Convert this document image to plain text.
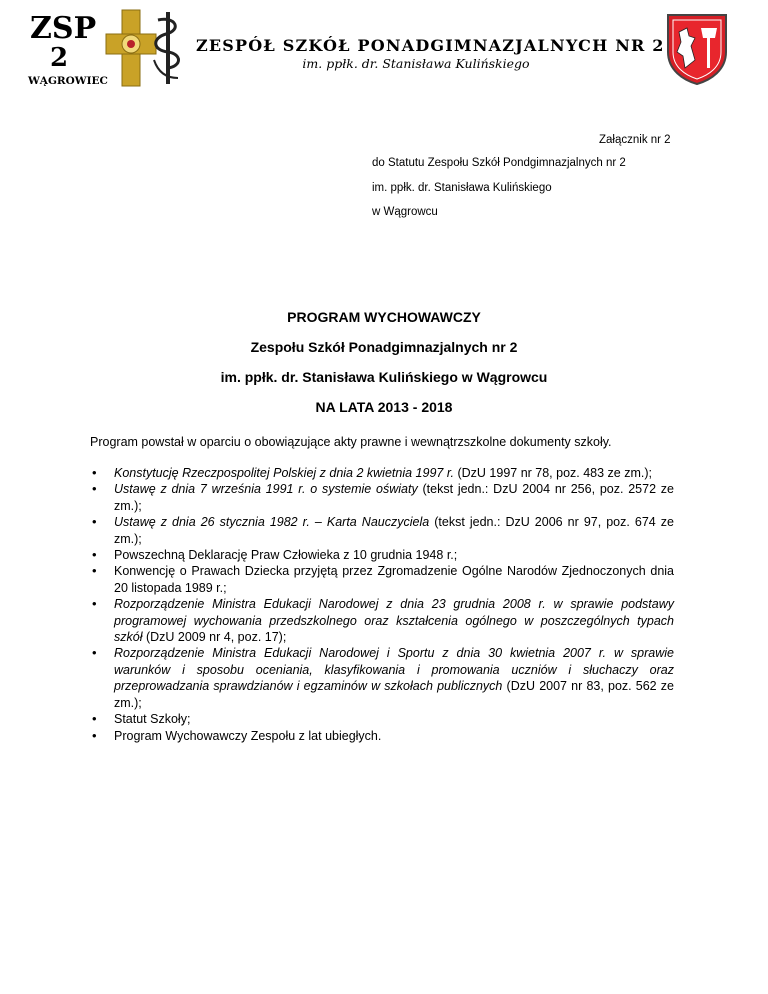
ZSP
2
WĄGROWIEC
ZESPÓŁ SZKÓŁ PONADGIMNAZJALNYCH NR 2
im. ppłk. dr. Stanisława Kulińskiego
Załącznik nr 2
do Statutu Zespołu Szkół Pondgimnazjalnych nr 2
im. ppłk. dr. Stanisława Kulińskiego
w Wągrowcu
PROGRAM WYCHOWAWCZY
Zespołu Szkół Ponadgimnazjalnych nr 2
im. ppłk. dr. Stanisława Kulińskiego w Wągrowcu
NA LATA 2013 - 2018
Program powstał w oparciu o obowiązujące akty prawne i wewnątrzszkolne dokumenty szkoły.
• Konstytucję Rzeczpospolitej Polskiej z dnia 2 kwietnia 1997 r. (DzU 1997 nr 78, poz. 483 ze zm.);
• Ustawę z dnia 7 września 1991 r. o systemie oświaty (tekst jedn.: DzU 2004 nr 256, poz. 2572 ze zm.);
• Ustawę z dnia 26 stycznia 1982 r. – Karta Nauczyciela (tekst jedn.: DzU 2006 nr 97, poz. 674 ze zm.);
• Powszechną Deklarację Praw Człowieka z 10 grudnia 1948 r.;
• Konwencję o Prawach Dziecka przyjętą przez Zgromadzenie Ogólne Narodów Zjednoczonych dnia 20 listopada 1989 r.;
• Rozporządzenie Ministra Edukacji Narodowej z dnia 23 grudnia 2008 r. w sprawie podstawy programowej wychowania przedszkolnego oraz kształcenia ogólnego w poszczególnych typach szkół (DzU 2009 nr 4, poz. 17);
• Rozporządzenie Ministra Edukacji Narodowej i Sportu z dnia 30 kwietnia 2007 r. w sprawie warunków i sposobu oceniania, klasyfikowania i promowania uczniów i słuchaczy oraz przeprowadzania sprawdzianów i egzaminów w szkołach publicznych (DzU 2007 nr 83, poz. 562 ze zm.);
• Statut Szkoły;
• Program Wychowawczy Zespołu z lat ubiegłych.
